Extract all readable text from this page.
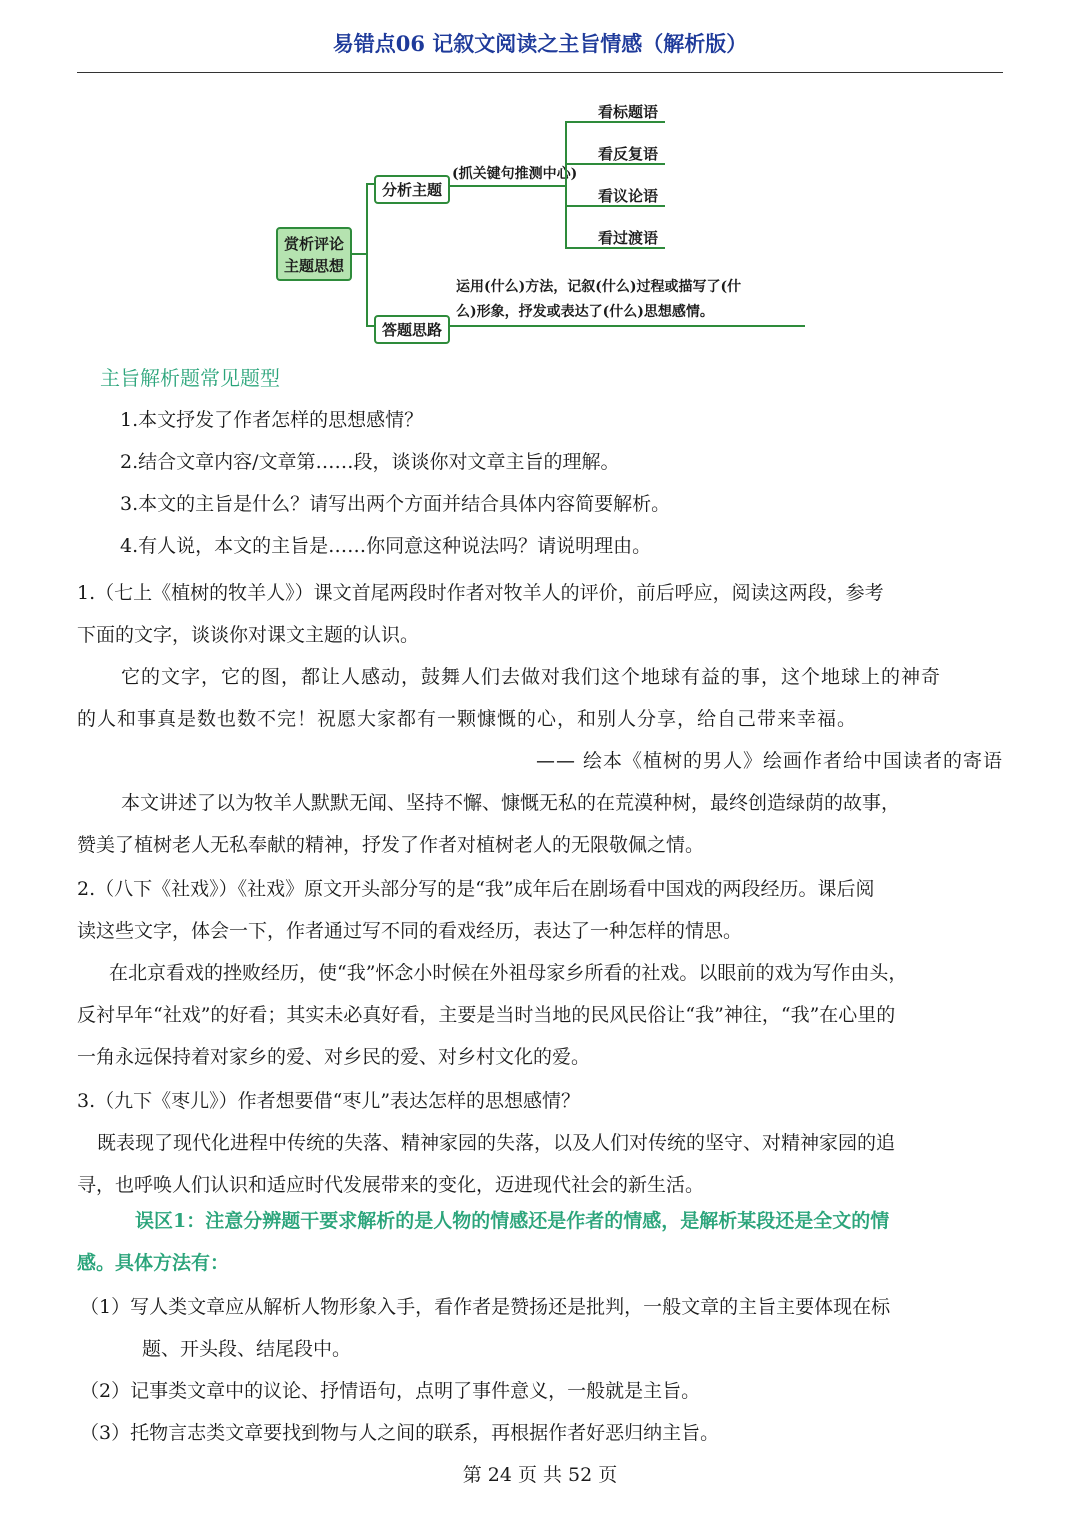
易错点06 记叙文阅读之主旨情感（解析版）
赏析评论
主题思想
分析主题
(抓关键句推测中心)
看标题语
看反复语
看议论语
看过渡语
答题思路
运用(什么)方法，记叙(什么)过程或描写了(什
么)形象，抒发或表达了(什么)思想感情。
主旨解析题常见题型
1.本文抒发了作者怎样的思想感情？
2.结合文章内容/文章第……段，谈谈你对文章主旨的理解。
3.本文的主旨是什么？请写出两个方面并结合具体内容简要解析。
4.有人说，本文的主旨是……你同意这种说法吗？请说明理由。
1.（七上《植树的牧羊人》）课文首尾两段时作者对牧羊人的评价，前后呼应，阅读这两段，参考
下面的文字，谈谈你对课文主题的认识。
它的文字，它的图，都让人感动，鼓舞人们去做对我们这个地球有益的事，这个地球上的神奇
的人和事真是数也数不完！祝愿大家都有一颗慷慨的心，和别人分享，给自己带来幸福。
—— 绘本《植树的男人》绘画作者给中国读者的寄语
本文讲述了以为牧羊人默默无闻、坚持不懈、慷慨无私的在荒漠种树，最终创造绿荫的故事，
赞美了植树老人无私奉献的精神，抒发了作者对植树老人的无限敬佩之情。
2.（八下《社戏》）《社戏》原文开头部分写的是“我”成年后在剧场看中国戏的两段经历。课后阅
读这些文字，体会一下，作者通过写不同的看戏经历，表达了一种怎样的情思。
在北京看戏的挫败经历，使“我”怀念小时候在外祖母家乡所看的社戏。以眼前的戏为写作由头，
反衬早年“社戏”的好看；其实未必真好看，主要是当时当地的民风民俗让“我”神往，“我”在心里的
一角永远保持着对家乡的爱、对乡民的爱、对乡村文化的爱。
3.（九下《枣儿》）作者想要借“枣儿”表达怎样的思想感情？
既表现了现代化进程中传统的失落、精神家园的失落，以及人们对传统的坚守、对精神家园的追
寻，也呼唤人们认识和适应时代发展带来的变化，迈进现代社会的新生活。
误区1：注意分辨题干要求解析的是人物的情感还是作者的情感，是解析某段还是全文的情
感。具体方法有：
（1）写人类文章应从解析人物形象入手，看作者是赞扬还是批判，一般文章的主旨主要体现在标
题、开头段、结尾段中。
（2）记事类文章中的议论、抒情语句，点明了事件意义，一般就是主旨。
（3）托物言志类文章要找到物与人之间的联系，再根据作者好恶归纳主旨。
第 24 页 共 52 页
